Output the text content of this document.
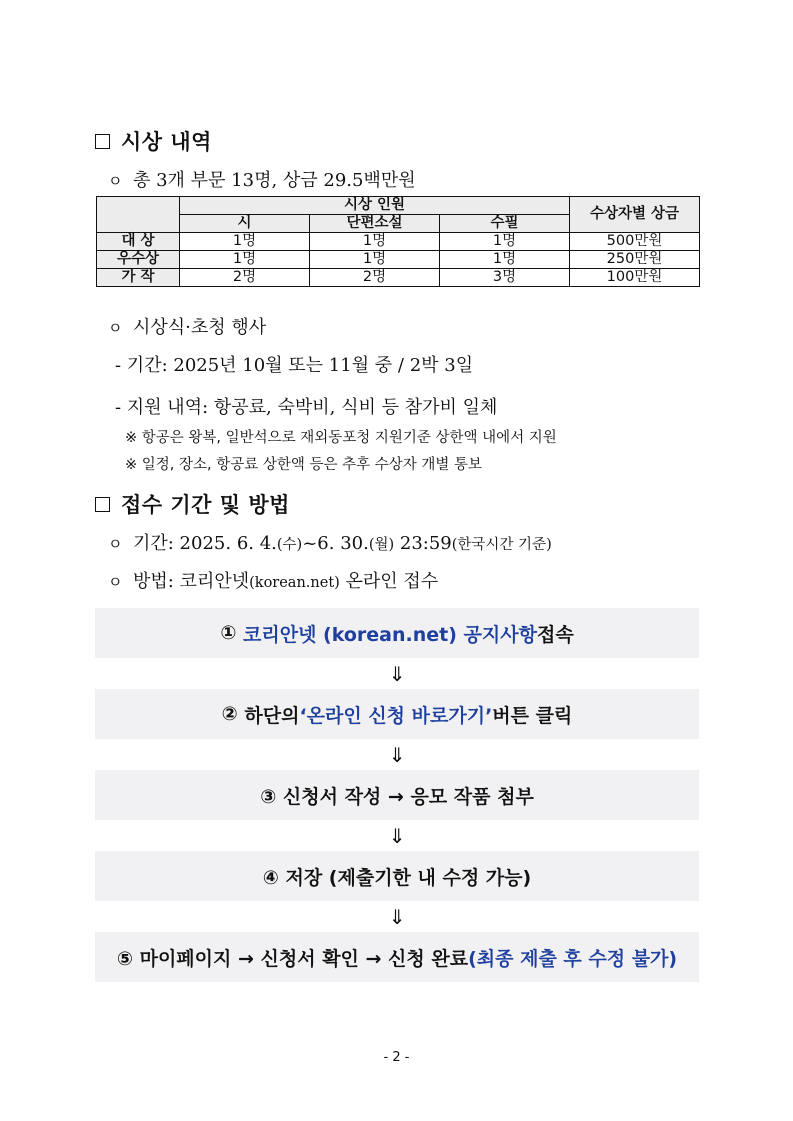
시상 내역
ㅇ 총 3개 부문 13명, 상금 29.5백만원
	시상 인원			수상자별 상금
	시	단편소설	수필	
대 상	1명	1명	1명	500만원
우수상	1명	1명	1명	250만원
가 작	2명	2명	3명	100만원
ㅇ 시상식·초청 행사
- 기간: 2025년 10월 또는 11월 중 / 2박 3일
- 지원 내역: 항공료, 숙박비, 식비 등 참가비 일체
※ 항공은 왕복, 일반석으로 재외동포청 지원기준 상한액 내에서 지원
※ 일정, 장소, 항공료 상한액 등은 추후 수상자 개별 통보
접수 기간 및 방법
ㅇ 기간: 2025. 6. 4.(수)~6. 30.(월) 23:59(한국시간 기준)
ㅇ 방법: 코리안넷(korean.net) 온라인 접수
①
코리안넷 (korean.net) 공지사항 접속
⇓
②
하단의 ‘온라인 신청 바로가기’ 버튼 클릭
⇓
③ 신청서 작성 → 응모 작품 첨부
⇓
④ 저장 (제출기한 내 수정 가능)
⇓
⑤ 마이페이지 → 신청서 확인 → 신청 완료 (최종 제출 후 수정 불가)
- 2 -
